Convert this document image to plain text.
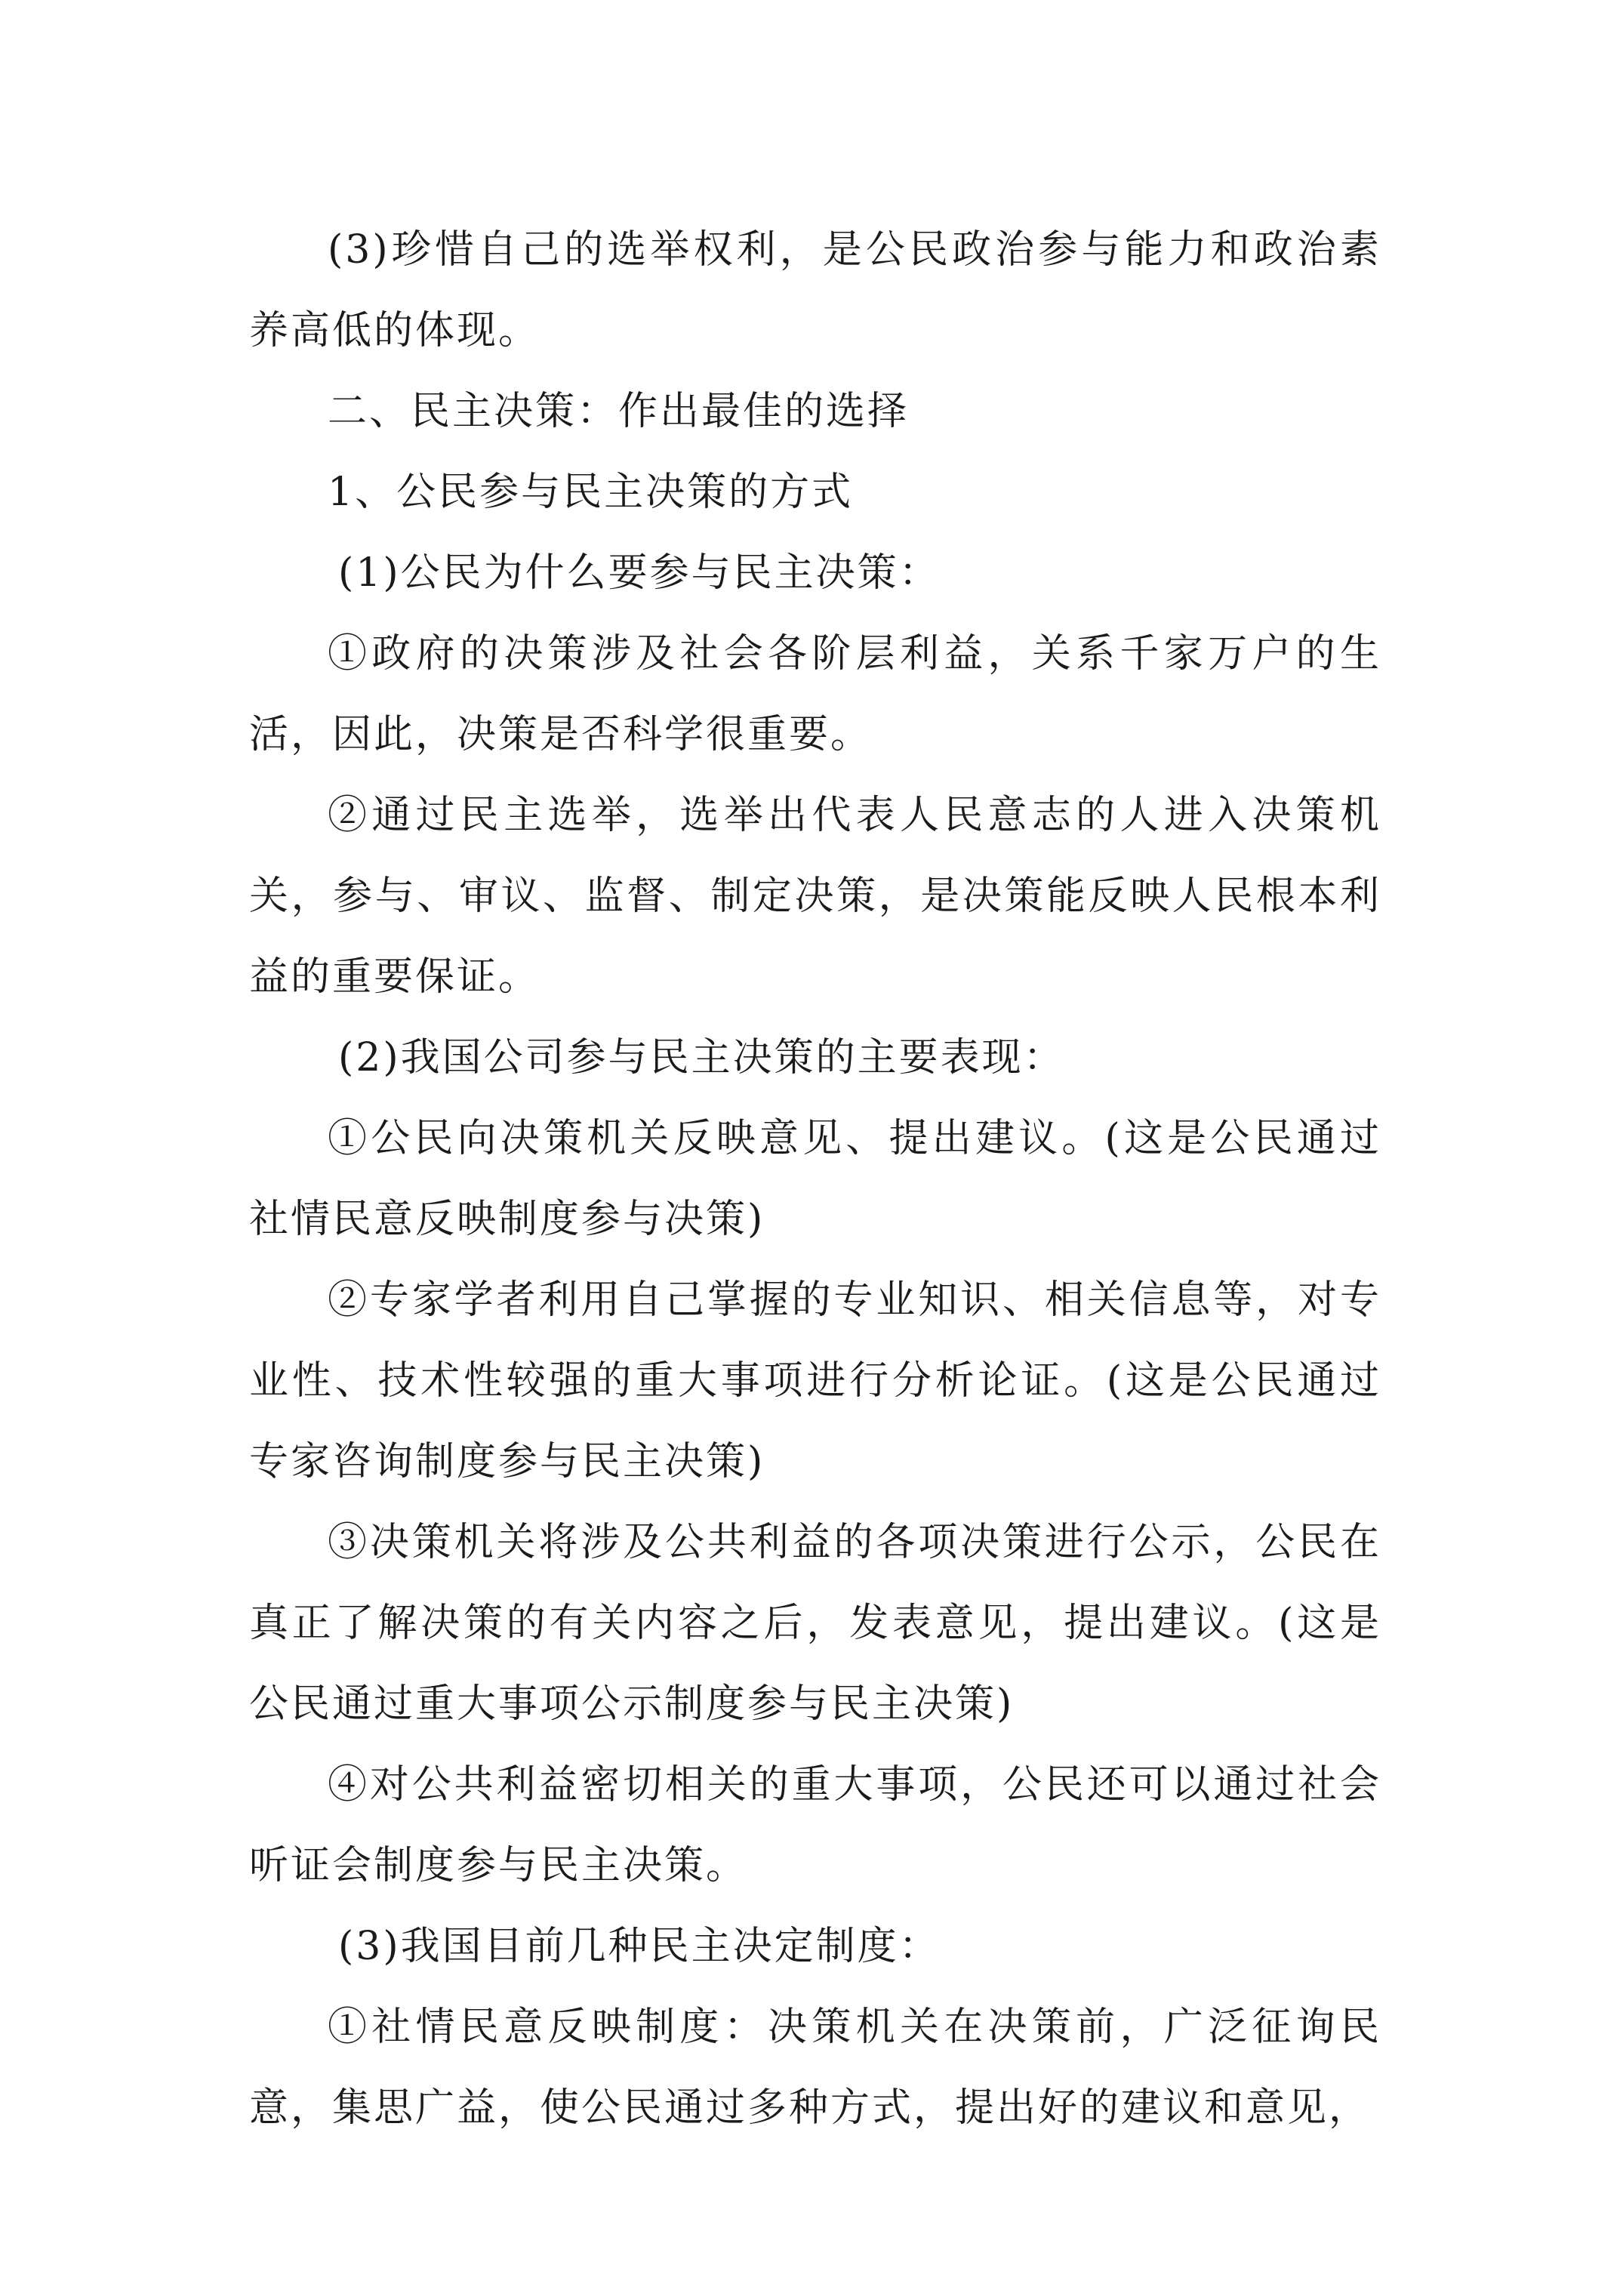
(3)珍惜自己的选举权利，是公民政治参与能力和政治素养高低的体现。

二、民主决策：作出最佳的选择

1、公民参与民主决策的方式

(1)公民为什么要参与民主决策：

①政府的决策涉及社会各阶层利益，关系千家万户的生活，因此，决策是否科学很重要。

②通过民主选举，选举出代表人民意志的人进入决策机关，参与、审议、监督、制定决策，是决策能反映人民根本利益的重要保证。

(2)我国公司参与民主决策的主要表现：

①公民向决策机关反映意见、提出建议。(这是公民通过社情民意反映制度参与决策)

②专家学者利用自己掌握的专业知识、相关信息等，对专业性、技术性较强的重大事项进行分析论证。(这是公民通过专家咨询制度参与民主决策)

③决策机关将涉及公共利益的各项决策进行公示，公民在真正了解决策的有关内容之后，发表意见，提出建议。(这是公民通过重大事项公示制度参与民主决策)

④对公共利益密切相关的重大事项，公民还可以通过社会听证会制度参与民主决策。

(3)我国目前几种民主决定制度：

①社情民意反映制度：决策机关在决策前，广泛征询民意，集思广益，使公民通过多种方式，提出好的建议和意见，
